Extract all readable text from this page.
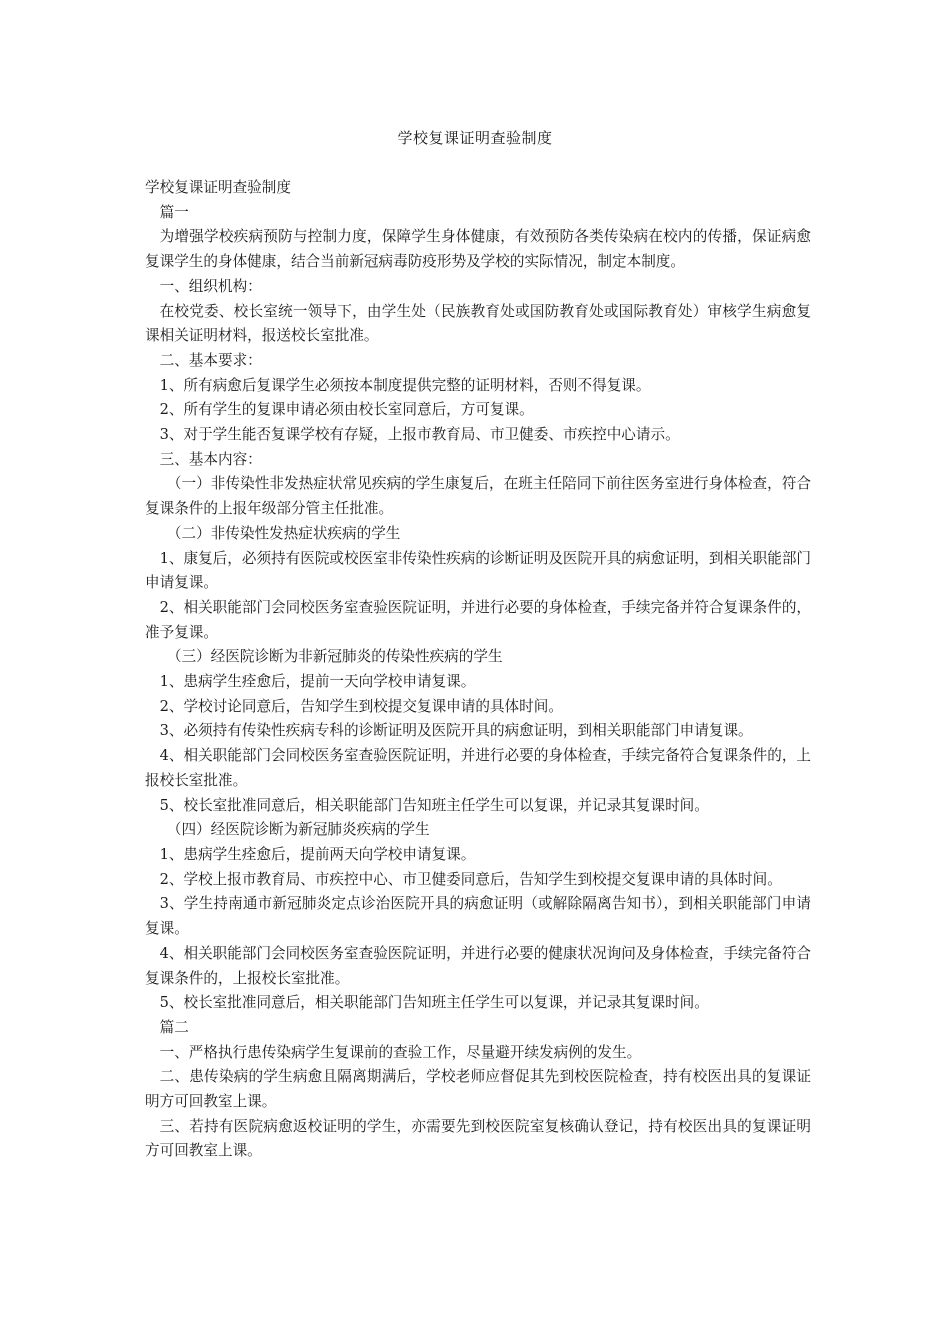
学校复课证明查验制度

学校复课证明查验制度

篇一

为增强学校疾病预防与控制力度，保障学生身体健康，有效预防各类传染病在校内的传播，保证病愈复课学生的身体健康，结合当前新冠病毒防疫形势及学校的实际情况，制定本制度。

一、组织机构：

在校党委、校长室统一领导下，由学生处（民族教育处或国防教育处或国际教育处）审核学生病愈复课相关证明材料，报送校长室批准。

二、基本要求：

1、所有病愈后复课学生必须按本制度提供完整的证明材料，否则不得复课。

2、所有学生的复课申请必须由校长室同意后，方可复课。

3、对于学生能否复课学校有存疑，上报市教育局、市卫健委、市疾控中心请示。

三、基本内容：

（一）非传染性非发热症状常见疾病的学生康复后，在班主任陪同下前往医务室进行身体检查，符合复课条件的上报年级部分管主任批准。

（二）非传染性发热症状疾病的学生

1、康复后，必须持有医院或校医室非传染性疾病的诊断证明及医院开具的病愈证明，到相关职能部门申请复课。

2、相关职能部门会同校医务室查验医院证明，并进行必要的身体检查，手续完备并符合复课条件的，准予复课。

（三）经医院诊断为非新冠肺炎的传染性疾病的学生

1、患病学生痊愈后，提前一天向学校申请复课。

2、学校讨论同意后，告知学生到校提交复课申请的具体时间。

3、必须持有传染性疾病专科的诊断证明及医院开具的病愈证明，到相关职能部门申请复课。

4、相关职能部门会同校医务室查验医院证明，并进行必要的身体检查，手续完备符合复课条件的，上报校长室批准。

5、校长室批准同意后，相关职能部门告知班主任学生可以复课，并记录其复课时间。

（四）经医院诊断为新冠肺炎疾病的学生

1、患病学生痊愈后，提前两天向学校申请复课。

2、学校上报市教育局、市疾控中心、市卫健委同意后，告知学生到校提交复课申请的具体时间。

3、学生持南通市新冠肺炎定点诊治医院开具的病愈证明（或解除隔离告知书），到相关职能部门申请复课。

4、相关职能部门会同校医务室查验医院证明，并进行必要的健康状况询问及身体检查，手续完备符合复课条件的，上报校长室批准。

5、校长室批准同意后，相关职能部门告知班主任学生可以复课，并记录其复课时间。

篇二

一、严格执行患传染病学生复课前的查验工作，尽量避开续发病例的发生。

二、患传染病的学生病愈且隔离期满后，学校老师应督促其先到校医院检查，持有校医出具的复课证明方可回教室上课。

三、若持有医院病愈返校证明的学生，亦需要先到校医院室复核确认登记，持有校医出具的复课证明方可回教室上课。
